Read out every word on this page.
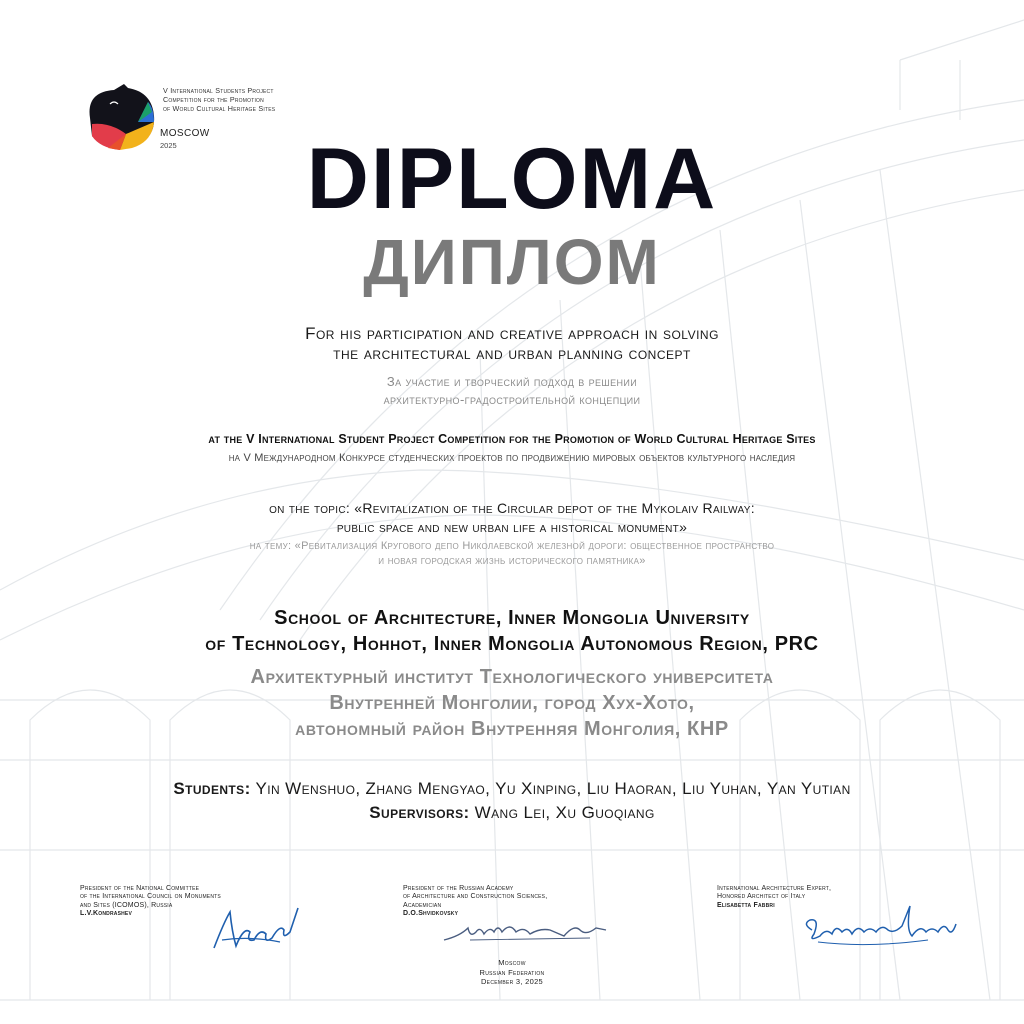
V International Students Project
Competition for the Promotion
of World Cultural Heritage Sites
MOSCOW
2025	DIPLOMA
ДИПЛОМ
For his participation and creative approach in solving
the architectural and urban planning concept
За участие и творческий подход в решении
архитектурно-градостроительной концепции
at the V International Student Project Competition for the Promotion of World Cultural Heritage Sites
на V Международном Конкурсе студенческих проектов по продвижению мировых объектов культурного наследия
on the topic: «Revitalization of the Circular depot of the Mykolaiv Railway:
public space and new urban life a historical monument»
на тему: «Ревитализация Кругового депо Николаевской железной дороги: общественное пространство
и новая городская жизнь исторического памятника»
School of Architecture, Inner Mongolia University
of Technology, Hohhot, Inner Mongolia Autonomous Region, PRC
Архитектурный институт Технологического университета
Внутренней Монголии, город Хух-Хото,
автономный район Внутренняя Монголия, КНР
Students: Yin Wenshuo, Zhang Mengyao, Yu Xinping, Liu Haoran, Liu Yuhan, Yan Yutian
Supervisors: Wang Lei, Xu Guoqiang
President of the National Committee
of the International Council on Monuments
and Sites (ICOMOS), Russia
L.V.Kondrashev
President of the Russian Academy
of Architecture and Construction Sciences,
Academician
D.O.Shvidkovsky
International Architecture Expert,
Honored Architect of Italy
Elisabetta Fabbri
Moscow
Russian Federation
December 3, 2025
